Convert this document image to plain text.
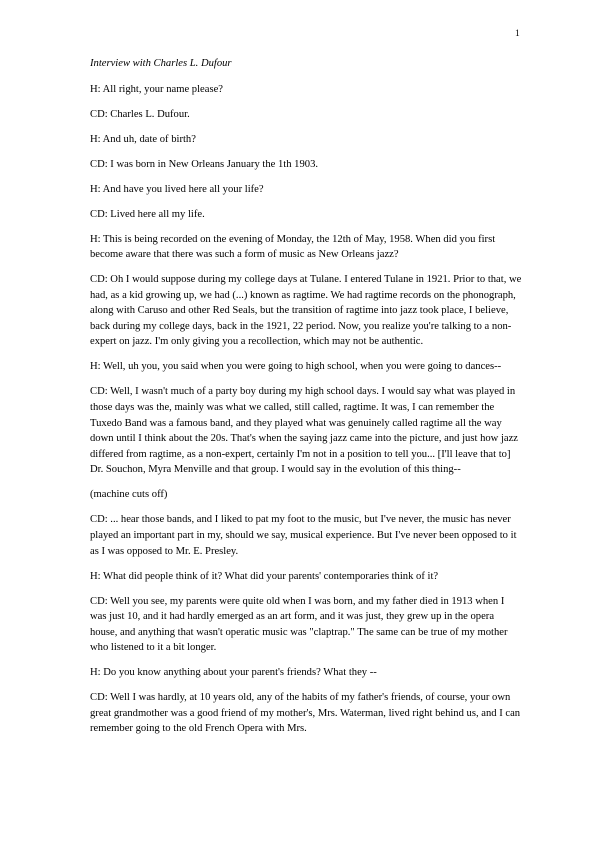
1

Interview with Charles L. Dufour

H: All right, your name please?

CD: Charles L. Dufour.

H: And uh, date of birth?

CD: I was born in New Orleans January the 1th 1903.

H: And have you lived here all your life?

CD: Lived here all my life.

H: This is being recorded on the evening of Monday, the 12th of May, 1958. When did you first become aware that there was such a form of music as New Orleans jazz?

CD: Oh I would suppose during my college days at Tulane. I entered Tulane in 1921. Prior to that, we had, as a kid growing up, we had (...) known as ragtime. We had ragtime records on the phonograph, along with Caruso and other Red Seals, but the transition of ragtime into jazz took place, I believe, back during my college days, back in the 1921, 22 period. Now, you realize you're talking to a non-expert on jazz. I'm only giving you a recollection, which may not be authentic.

H: Well, uh you, you said when you were going to high school, when you were going to dances--

CD: Well, I wasn't much of a party boy during my high school days. I would say what was played in those days was the, mainly was what we called, still called, ragtime. It was, I can remember the Tuxedo Band was a famous band, and they played what was genuinely called ragtime all the way down until I think about the 20s. That's when the saying jazz came into the picture, and just how jazz differed from ragtime, as a non-expert, certainly I'm not in a position to tell you... [I'll leave that to] Dr. Souchon, Myra Menville and that group. I would say in the evolution of this thing--

(machine cuts off)

CD: ... hear those bands, and I liked to pat my foot to the music, but I've never, the music has never played an important part in my, should we say, musical experience. But I've never been opposed to it as I was opposed to Mr. E. Presley.

H: What did people think of it? What did your parents' contemporaries think of it?

CD: Well you see, my parents were quite old when I was born, and my father died in 1913 when I was just 10, and it had hardly emerged as an art form, and it was just, they grew up in the opera house, and anything that wasn't operatic music was "claptrap." The same can be true of my mother who listened to it a bit longer.

H: Do you know anything about your parent's friends? What they --

CD: Well I was hardly, at 10 years old, any of the habits of my father's friends, of course, your own great grandmother was a good friend of my mother's, Mrs. Waterman, lived right behind us, and I can remember going to the old French Opera with Mrs.
